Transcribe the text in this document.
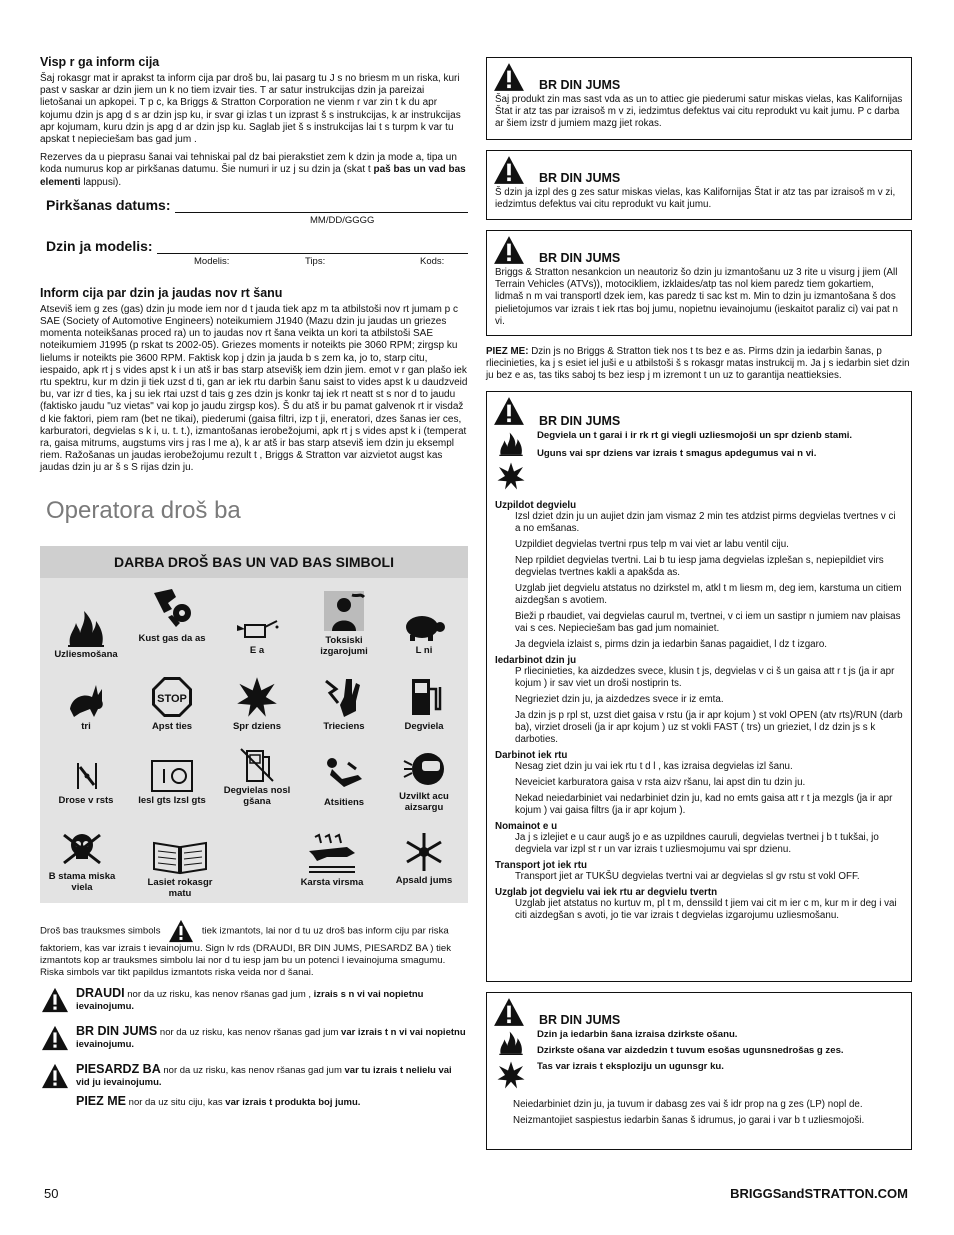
Visp r ga inform cija
Šaj rokasgr mat ir aprakst ta inform cija par droš bu, lai pasarg tu J s no briesm m un riska, kuri past v saskar ar dzin jiem un k no tiem izvair ties. T ar satur instrukcijas dzin ja pareizai lietošanai un apkopei. T p c, ka Briggs & Stratton Corporation ne vienm r var zin t k du apr kojumu dzin js apg d s ar dzin jsp ku, ir svar gi izlas t un izprast š s instrukcijas, k ar instrukcijas apr kojumam, kuru dzin js apg d ar dzin jsp ku. Saglab jiet š s instrukcijas lai t s turpm k var tu apskat t nepieciešam bas gad jum .
Rezerves da u pieprasu šanai vai tehniskai pal dz bai pierakstiet zem k dzin ja mode a, tipa un koda numurus kop ar pirkšanas datumu. Šie numuri ir uz j su dzin ja (skat t paš bas un vad bas elementi lappusi).
Pirkšanas datums:
MM/DD/GGGG
Dzin ja modelis:
Modelis:	Tips:	Kods:
Inform cija par dzin ja jaudas nov rt šanu
Atseviš iem g zes (gas) dzin ju mode iem nor d t jauda tiek apz m ta atbilstoši nov rt jumam p c SAE (Society of Automotive Engineers) noteikumiem J1940 (Mazu dzin ju jaudas un griezes momenta noteikšanas proced ra) un to jaudas nov rt šana veikta un kori ta atbilstoši SAE noteikumiem J1995 (p rskat ts 2002-05). Griezes moments ir noteikts pie 3060 RPM; zirgsp ku lielums ir noteikts pie 3600 RPM. Faktisk kop j dzin ja jauda b s zem ka, jo to, starp citu, iespaido, apk rt j s vides apst k i un atš ir bas starp atsevišķ iem dzin jiem. emot v r gan plašo iek rtu spektru, kur m dzin ji tiek uzst d ti, gan ar iek rtu darbin šanu saist to vides apst k u daudzveid bu, var izr d ties, ka j su iek rtai uzst d tais g zes dzin js konkr taj iek rt neatt st s nor d to jaudu (faktisko jaudu "uz vietas" vai kop jo jaudu zirgsp kos). Š du atš ir bu pamat galvenok rt ir visdaž d kie faktori, piem ram (bet ne tikai), piederumi (gaisa filtri, izp t ji, eneratori, dzes šanas ier ces, karburatori, degvielas s k i, u. t. t.), izmantošanas ierobežojumi, apk rt j s vides apst k i (temperat ra, gaisa mitrums, augstums virs j ras l me a), k ar atš ir bas starp atseviš iem dzin ju eksempl riem. Ražošanas un jaudas ierobežojumu rezult t , Briggs & Stratton var aizvietot augst kas jaudas dzin ju ar š s S rijas dzin ju.
Operatora droš ba
DARBA DROŠ BAS UN VAD BAS SIMBOLI
Uzliesmošana
Kust gas da as
E a
Toksiski izgarojumi	L ni
tri
STOP
Apst ties	Spr dziens	Trieciens	Degviela
Drose v rsts	Iesl gts Izsl gts
Degvielas nosl gšana	Atsitiens
Uzvilkt acu aizsargu
B stama miska viela	Lasiet rokasgr matu
Karsta virsma	Apsald jums
Droš bas trauksmes simbols	tiek izmantots, lai nor d tu uz droš bas inform ciju par riska faktoriem, kas var izrais t ievainojumu. Sign lv rds (DRAUDI, BR DIN JUMS, PIESARDZ BA ) tiek izmantots kop ar trauksmes simbolu lai nor d tu iesp jam bu un potenci l ievainojuma smagumu. Riska simbols var tikt papildus izmantots riska veida nor d šanai.
DRAUDI nor da uz risku, kas nenov ršanas gad jum , izrais s n vi vai nopietnu ievainojumu.
BR DIN JUMS nor da uz risku, kas nenov ršanas gad jum var izrais t n vi vai nopietnu ievainojumu.
PIESARDZ BA nor da uz risku, kas nenov ršanas gad jum var tu izrais t nelielu vai vid ju ievainojumu.
PIEZ ME nor da uz situ ciju, kas var izrais t produkta boj jumu.
BR DIN JUMS
Šaj produkt zin mas sast vda as un to attiec gie piederumi satur miskas vielas, kas Kalifornijas Štat ir atz tas par izraisoš m v zi, iedzimtus defektus vai citu reprodukt vu kait jumu. P c darba ar šiem izstr d jumiem mazg jiet rokas.
BR DIN JUMS
Š dzin ja izpl des g zes satur miskas vielas, kas Kalifornijas Štat ir atz tas par izraisoš m v zi, iedzimtus defektus vai citu reprodukt vu kait jumu.
BR DIN JUMS
Briggs & Stratton nesankcion un neautoriz šo dzin ju izmantošanu uz 3 rite u visurg j jiem (All Terrain Vehicles (ATVs)), motocikliem, izklaides/atp tas nol kiem paredz tiem gokartiem, lidmaš n m vai transportl dzek iem, kas paredz ti sac kst m. Min to dzin ju izmantošana š dos pielietojumos var izrais t iek rtas boj jumu, nopietnu ievainojumu (ieskaitot paraliz ci) vai pat n vi.
PIEZ ME: Dzin js no Briggs & Stratton tiek nos t ts bez e as. Pirms dzin ja iedarbin šanas, p rliecinieties, ka j s esiet iel juši e u atbilstoši š s rokasgr matas instrukcij m. Ja j s iedarbin siet dzin ju bez e as, tas tiks saboj ts bez iesp j m izremont t un uz to garantija neattieksies.
BR DIN JUMS

Degviela un t garai i ir rk rt gi viegli uzliesmojoši un spr dzienb stami.
Uguns vai spr dziens var izrais t smagus apdegumus vai n vi.
Uzpildot degvielu
Izsl dziet dzin ju un aujiet dzin jam vismaz 2 min tes atdzist pirms degvielas tvertnes v ci a no emšanas.
Uzpildiet degvielas tvertni rpus telp m vai viet ar labu ventil ciju.
Nep rpildiet degvielas tvertni. Lai b tu iesp jama degvielas izplešan s, nepiepildiet virs degvielas tvertnes kakli a apakšda as.
Uzglab jiet degvielu atstatus no dzirkstel m, atkl t m liesm m, deg iem, karstuma un citiem aizdegšan s avotiem.
Bieži p rbaudiet, vai degvielas caurul m, tvertnei, v ci iem un sastipr n jumiem nav plaisas vai s ces. Nepieciešam bas gad jum nomainiet.
Ja degviela izlaist s, pirms dzin ja iedarbin šanas pagaidiet, l dz t izgaro.
Iedarbinot dzin ju
P rliecinieties, ka aizdedzes svece, klusin t js, degvielas v ci š un gaisa att r t js (ja ir apr kojum ) ir sav viet un droši nostiprin ts.
Negrieziet dzin ju, ja aizdedzes svece ir iz emta.
Ja dzin js p rpl st, uzst diet gaisa v rstu (ja ir apr kojum ) st vokl OPEN (atv rts)/RUN (darb ba), virziet droseli (ja ir apr kojum ) uz st vokli FAST ( trs) un grieziet, l dz dzin js s k darboties.
Darbinot iek rtu
Nesag ziet dzin ju vai iek rtu t d l , kas izraisa degvielas izl šanu.
Neveiciet karburatora gaisa v rsta aizv ršanu, lai apst din tu dzin ju.
Nekad neiedarbiniet vai nedarbiniet dzin ju, kad no emts gaisa att r t ja mezgls (ja ir apr kojum ) vai gaisa filtrs (ja ir apr kojum ).
Nomainot e u
Ja j s izlejiet e u caur augš jo e as uzpildnes cauruli, degvielas tvertnei j b t tukšai, jo degviela var izpl st r un var izrais t uzliesmojumu vai spr dzienu.
Transport jot iek rtu
Transport jiet ar TUKŠU degvielas tvertni vai ar degvielas sl gv rstu st vokl OFF.
Uzglab jot degvielu vai iek rtu ar degvielu tvertn
Uzglab jiet atstatus no kurtuv m, pl t m, denssild t jiem vai cit m ier c m, kur m ir deg i vai citi aizdegšan s avoti, jo tie var izrais t degvielas izgarojumu uzliesmošanu.
BR DIN JUMS

Dzin ja iedarbin šana izraisa dzirkste ošanu.
Dzirkste ošana var aizdedzin t tuvum esošas ugunsnedrošas g zes.
Tas var izrais t eksploziju un ugunsgr ku.
Neiedarbiniet dzin ju, ja tuvum ir dabasg zes vai š idr prop na g zes (LP) nopl de.
Neizmantojiet saspiestus iedarbin šanas š idrumus, jo garai i var b t uzliesmojoši.
50	BRIGGSandSTRATTON.COM
